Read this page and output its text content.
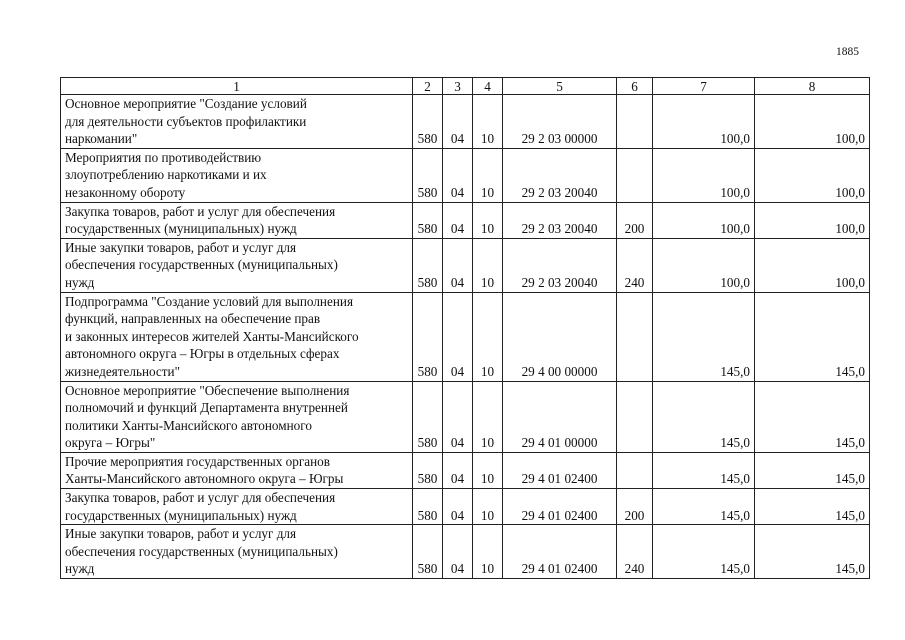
1885
1	2	3	4	5	6	7	8
Основное мероприятие "Создание условий
для деятельности субъектов профилактики
наркомании"	580	04	10	29 2 03 00000		100,0	100,0
Мероприятия по противодействию
злоупотреблению наркотиками и их
незаконному обороту	580	04	10	29 2 03 20040		100,0	100,0
Закупка товаров, работ и услуг для обеспечения
государственных (муниципальных) нужд	580	04	10	29 2 03 20040	200	100,0	100,0
Иные закупки товаров, работ и услуг для
обеспечения государственных (муниципальных)
нужд	580	04	10	29 2 03 20040	240	100,0	100,0
Подпрограмма "Создание условий для выполнения
функций, направленных на обеспечение прав
и законных интересов жителей Ханты-Мансийского
автономного округа – Югры в отдельных сферах
жизнедеятельности"	580	04	10	29 4 00 00000		145,0	145,0
Основное мероприятие "Обеспечение выполнения
полномочий и функций Департамента внутренней
политики Ханты-Мансийского автономного
округа – Югры"	580	04	10	29 4 01 00000		145,0	145,0
Прочие мероприятия государственных органов
Ханты-Мансийского автономного округа – Югры	580	04	10	29 4 01 02400		145,0	145,0
Закупка товаров, работ и услуг для обеспечения
государственных (муниципальных) нужд	580	04	10	29 4 01 02400	200	145,0	145,0
Иные закупки товаров, работ и услуг для
обеспечения государственных (муниципальных)
нужд	580	04	10	29 4 01 02400	240	145,0	145,0
